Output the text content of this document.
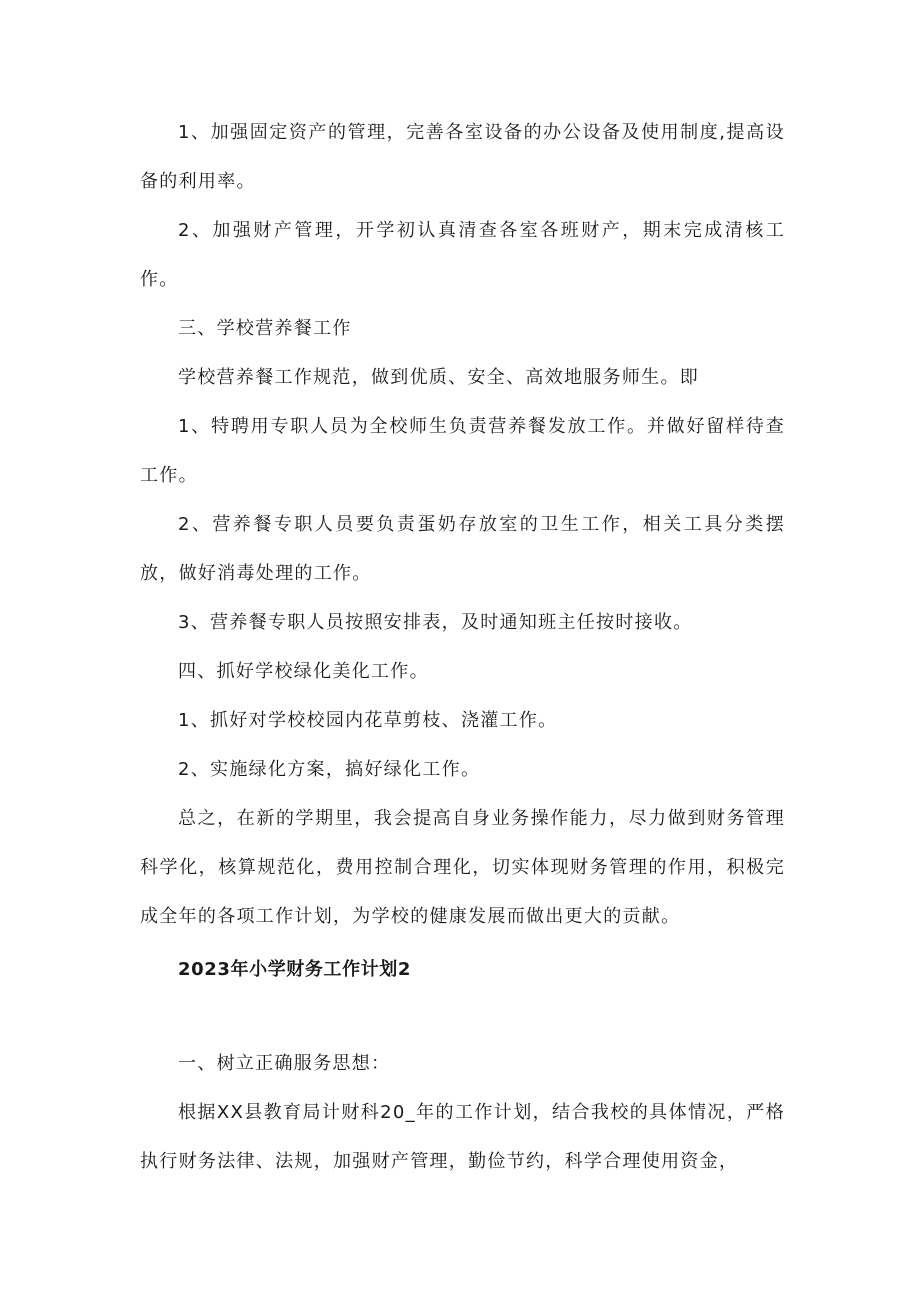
1、加强固定资产的管理，完善各室设备的办公设备及使用制度,提高设备的利用率。

2、加强财产管理，开学初认真清查各室各班财产，期末完成清核工作。

三、学校营养餐工作

学校营养餐工作规范，做到优质、安全、高效地服务师生。即

1、特聘用专职人员为全校师生负责营养餐发放工作。并做好留样待查工作。

2、营养餐专职人员要负责蛋奶存放室的卫生工作，相关工具分类摆放，做好消毒处理的工作。

3、营养餐专职人员按照安排表，及时通知班主任按时接收。

四、抓好学校绿化美化工作。

1、抓好对学校校园内花草剪枝、浇灌工作。

2、实施绿化方案，搞好绿化工作。

总之，在新的学期里，我会提高自身业务操作能力，尽力做到财务管理科学化，核算规范化，费用控制合理化，切实体现财务管理的作用，积极完成全年的各项工作计划，为学校的健康发展而做出更大的贡献。

2023年小学财务工作计划2

一、树立正确服务思想：

根据XX县教育局计财科20_年的工作计划，结合我校的具体情况，严格执行财务法律、法规，加强财产管理，勤俭节约，科学合理使用资金，
